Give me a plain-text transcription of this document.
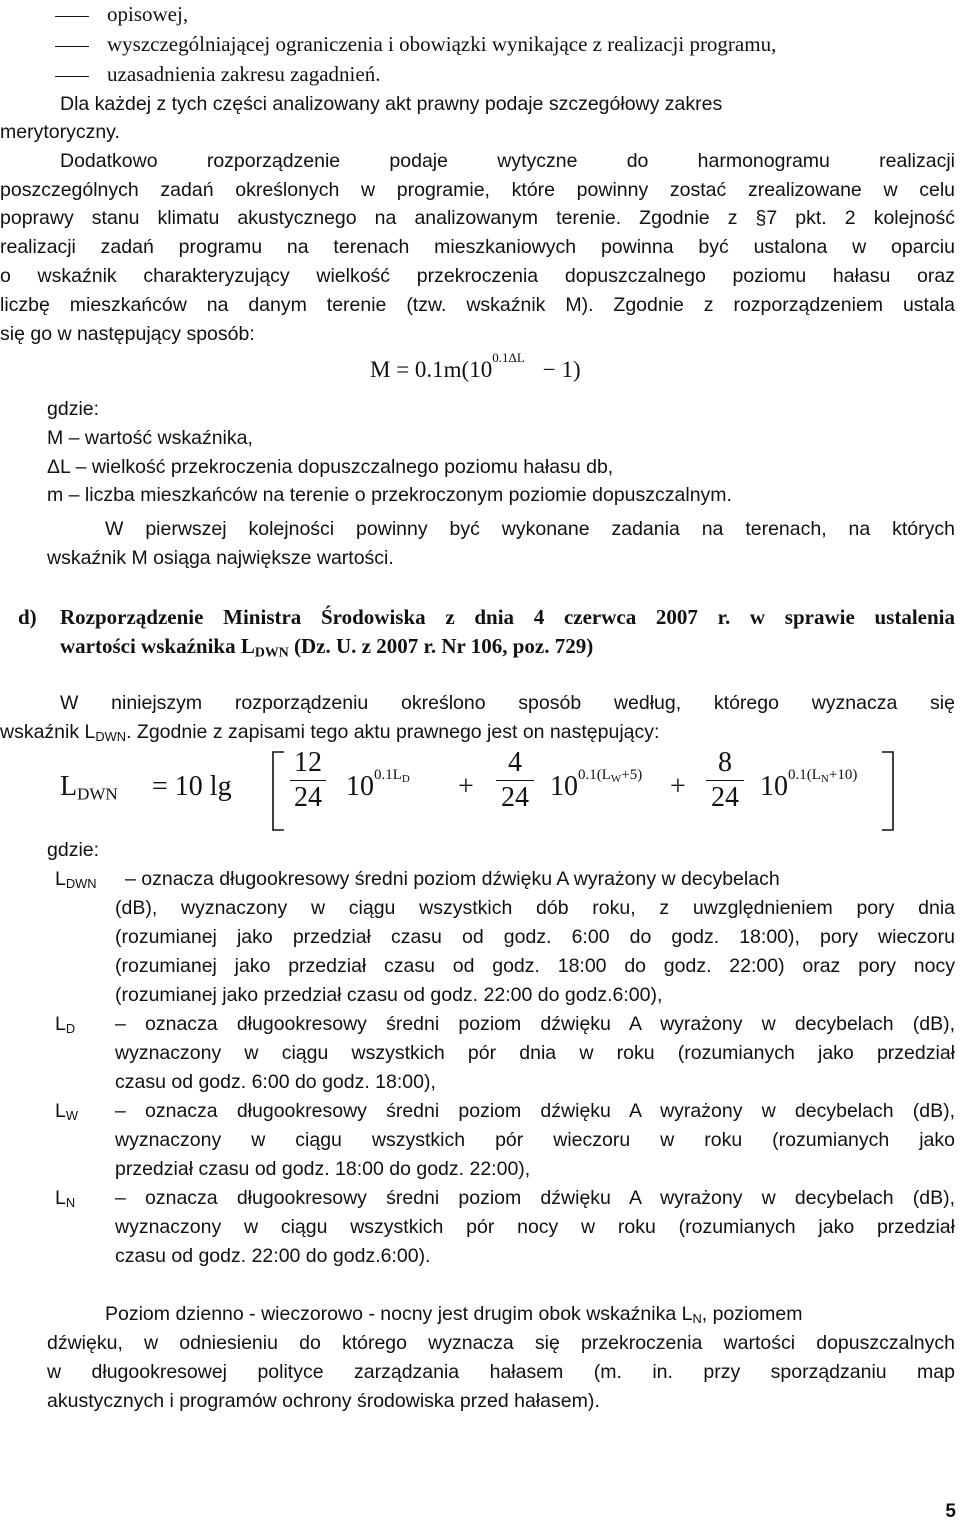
opisowej,
wyszczególniającej ograniczenia i obowiązki wynikające z realizacji programu,
uzasadnienia zakresu zagadnień.
Dla każdej z tych części analizowany akt prawny podaje szczegółowy zakres
merytoryczny.
Dodatkowo rozporządzenie podaje wytyczne do harmonogramu realizacji
poszczególnych zadań określonych w programie, które powinny zostać zrealizowane w celu
poprawy stanu klimatu akustycznego na analizowanym terenie. Zgodnie z §7 pkt. 2 kolejność
realizacji zadań programu na terenach mieszkaniowych powinna być ustalona w oparciu
o wskaźnik charakteryzujący wielkość przekroczenia dopuszczalnego poziomu hałasu oraz
liczbę mieszkańców na danym terenie (tzw. wskaźnik M). Zgodnie z rozporządzeniem ustala
się go w następujący sposób:
$M = 0.1m(10^{0.1\Delta L} - 1)$
gdzie:
M – wartość wskaźnika,
ΔL – wielkość przekroczenia dopuszczalnego poziomu hałasu db,
m – liczba mieszkańców na terenie o przekroczonym poziomie dopuszczalnym.
W pierwszej kolejności powinny być wykonane zadania na terenach, na których
wskaźnik M osiąga największe wartości.
d)	Rozporządzenie Ministra Środowiska z dnia 4 czerwca 2007 r. w sprawie ustalenia
wartości wskaźnika $L_{DWN}$ (Dz. U. z 2007 r. Nr 106, poz. 729)
W niniejszym rozporządzeniu określono sposób według, którego wyznacza się
wskaźnik $L_{DWN}$. Zgodnie z zapisami tego aktu prawnego jest on następujący:
$L_{DWN} = 10$ $\lg \frac{12}{24} 10^{0.1L_D} + \frac{4}{24} 10^{0.1(L_W+5)} + \frac{8}{24} 10^{0.1(L_N+10)}$
gdzie:
$L_{DWN}$	– oznacza długookresowy średni poziom dźwięku A wyrażony w decybelach
(dB), wyznaczony w ciągu wszystkich dób roku, z uwzględnieniem pory dnia
(rozumianej jako przedział czasu od godz. 6:00 do godz. 18:00), pory wieczoru
(rozumianej jako przedział czasu od godz. 18:00 do godz. 22:00) oraz pory nocy
(rozumianej jako przedział czasu od godz. 22:00 do godz.6:00),
$L_D$	– oznacza długookresowy średni poziom dźwięku A wyrażony w decybelach (dB),
wyznaczony w ciągu wszystkich pór dnia w roku (rozumianych jako przedział
czasu od godz. 6:00 do godz. 18:00),
$L_W$	– oznacza długookresowy średni poziom dźwięku A wyrażony w decybelach (dB),
wyznaczony w ciągu wszystkich pór wieczoru w roku (rozumianych jako
przedział czasu od godz. 18:00 do godz. 22:00),
$L_N$	– oznacza długookresowy średni poziom dźwięku A wyrażony w decybelach (dB),
wyznaczony w ciągu wszystkich pór nocy w roku (rozumianych jako przedział
czasu od godz. 22:00 do godz.6:00).
Poziom dzienno - wieczorowo - nocny jest drugim obok wskaźnika $L_N$, poziomem
dźwięku, w odniesieniu do którego wyznacza się przekroczenia wartości dopuszczalnych
w długookresowej polityce zarządzania hałasem (m. in. przy sporządzaniu map
akustycznych i programów ochrony środowiska przed hałasem).
5
